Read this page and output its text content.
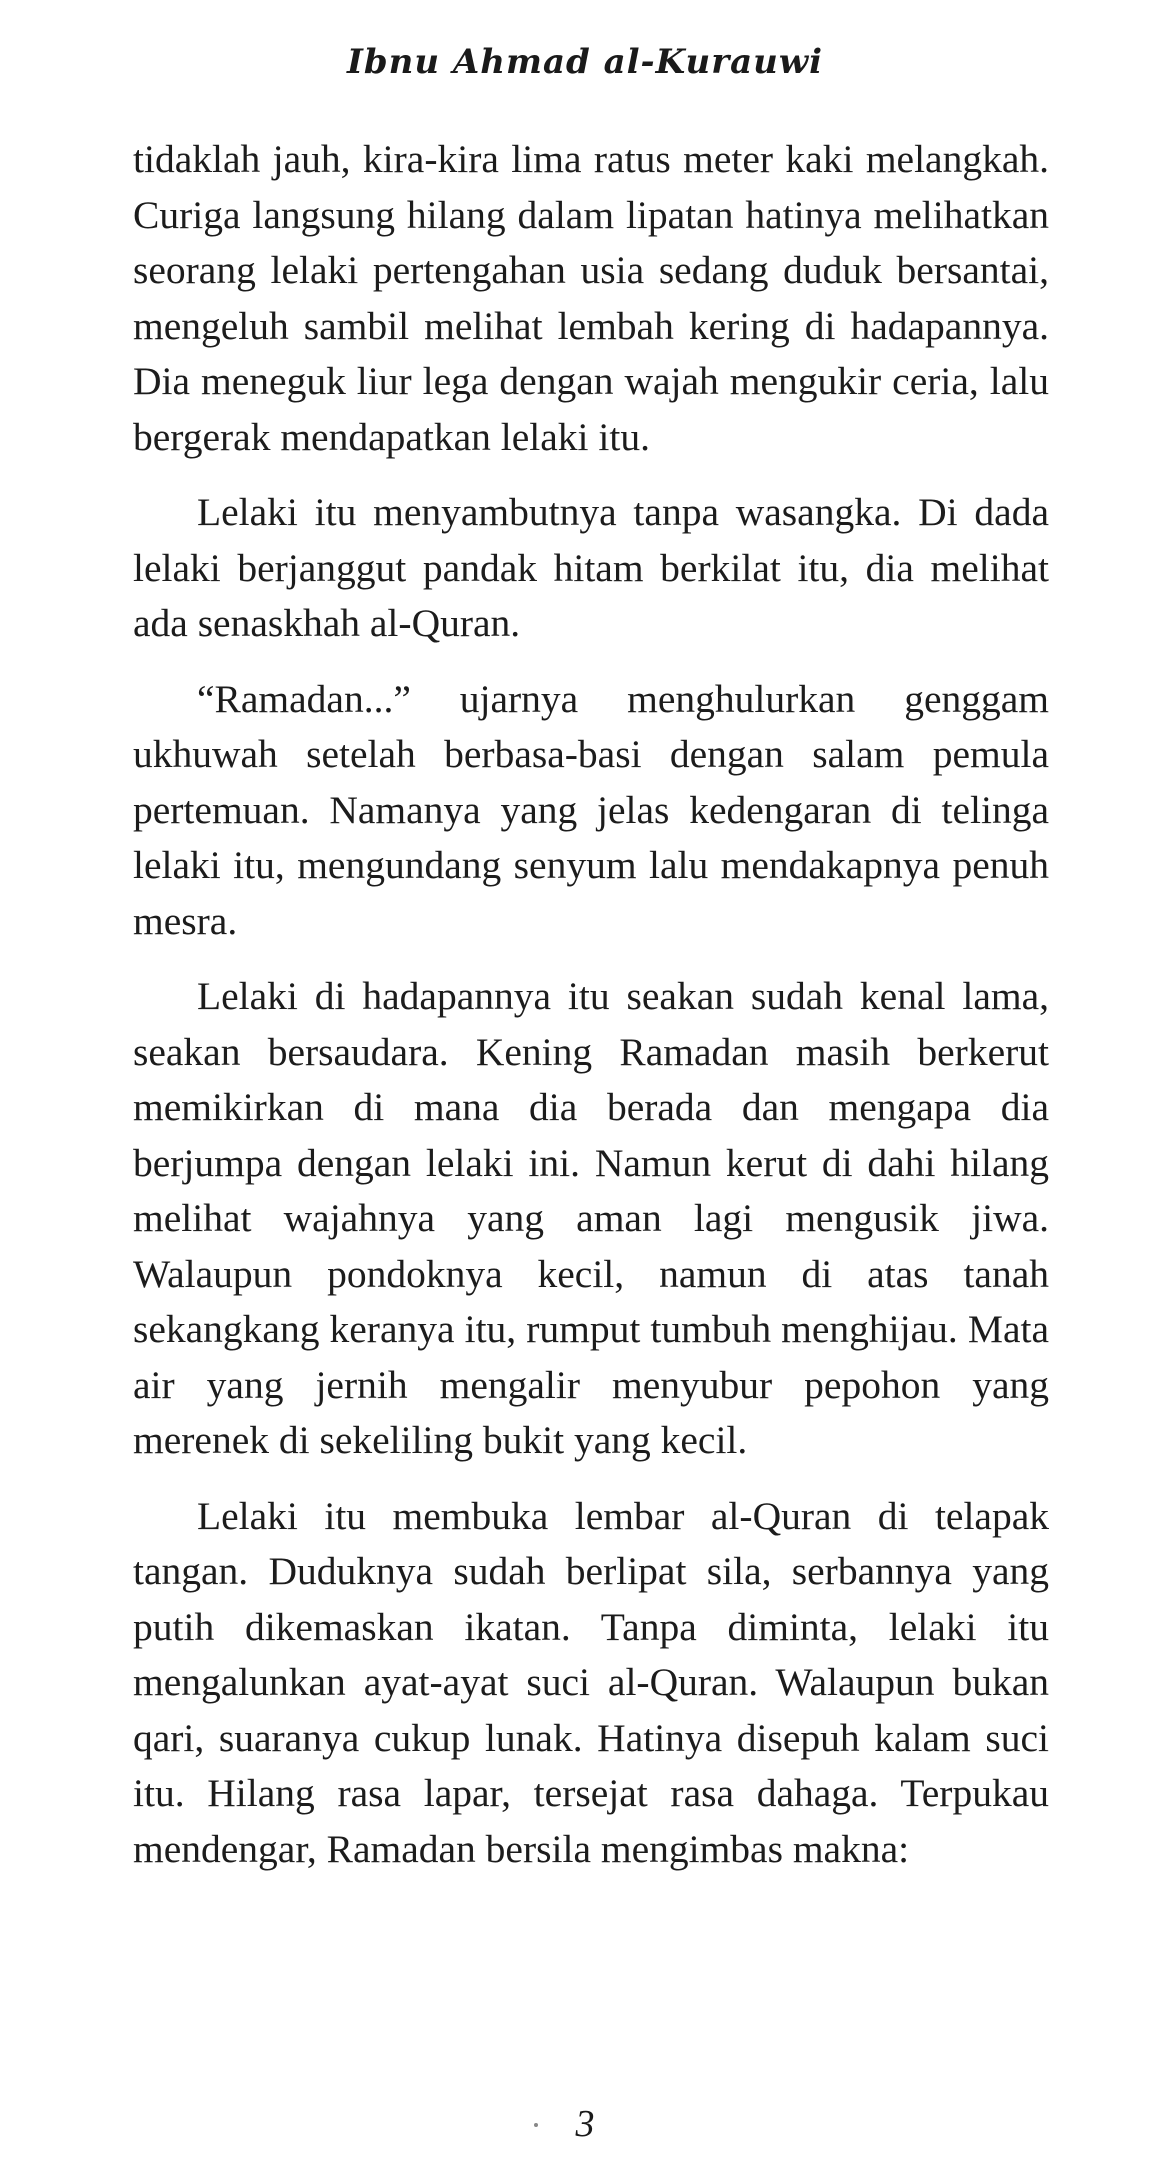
Ibnu Ahmad al-Kurauwi

tidaklah jauh, kira-kira lima ratus meter kaki melangkah. Curiga langsung hilang dalam lipatan hatinya melihatkan seorang lelaki pertengahan usia sedang duduk bersantai, mengeluh sambil melihat lembah kering di hadapannya. Dia meneguk liur lega dengan wajah mengukir ceria, lalu bergerak mendapatkan lelaki itu.

Lelaki itu menyambutnya tanpa wasangka. Di dada lelaki berjanggut pandak hitam berkilat itu, dia melihat ada senaskhah al-Quran.

“Ramadan...” ujarnya menghulurkan genggam ukhuwah setelah berbasa-basi dengan salam pemula pertemuan. Namanya yang jelas kedengaran di telinga lelaki itu, mengundang senyum lalu mendakapnya penuh mesra.

Lelaki di hadapannya itu seakan sudah kenal lama, seakan bersaudara. Kening Ramadan masih berkerut memikirkan di mana dia berada dan mengapa dia berjumpa dengan lelaki ini. Namun kerut di dahi hilang melihat wajahnya yang aman lagi mengusik jiwa. Walaupun pondoknya kecil, namun di atas tanah sekangkang keranya itu, rumput tumbuh menghijau. Mata air yang jernih mengalir menyubur pepohon yang merenek di sekeliling bukit yang kecil.

Lelaki itu membuka lembar al-Quran di telapak tangan. Duduknya sudah berlipat sila, serbannya yang putih dikemaskan ikatan. Tanpa diminta, lelaki itu mengalunkan ayat-ayat suci al-Quran. Walaupun bukan qari, suaranya cukup lunak. Hatinya disepuh kalam suci itu. Hilang rasa lapar, tersejat rasa dahaga. Terpukau mendengar, Ramadan bersila mengimbas makna:

3
